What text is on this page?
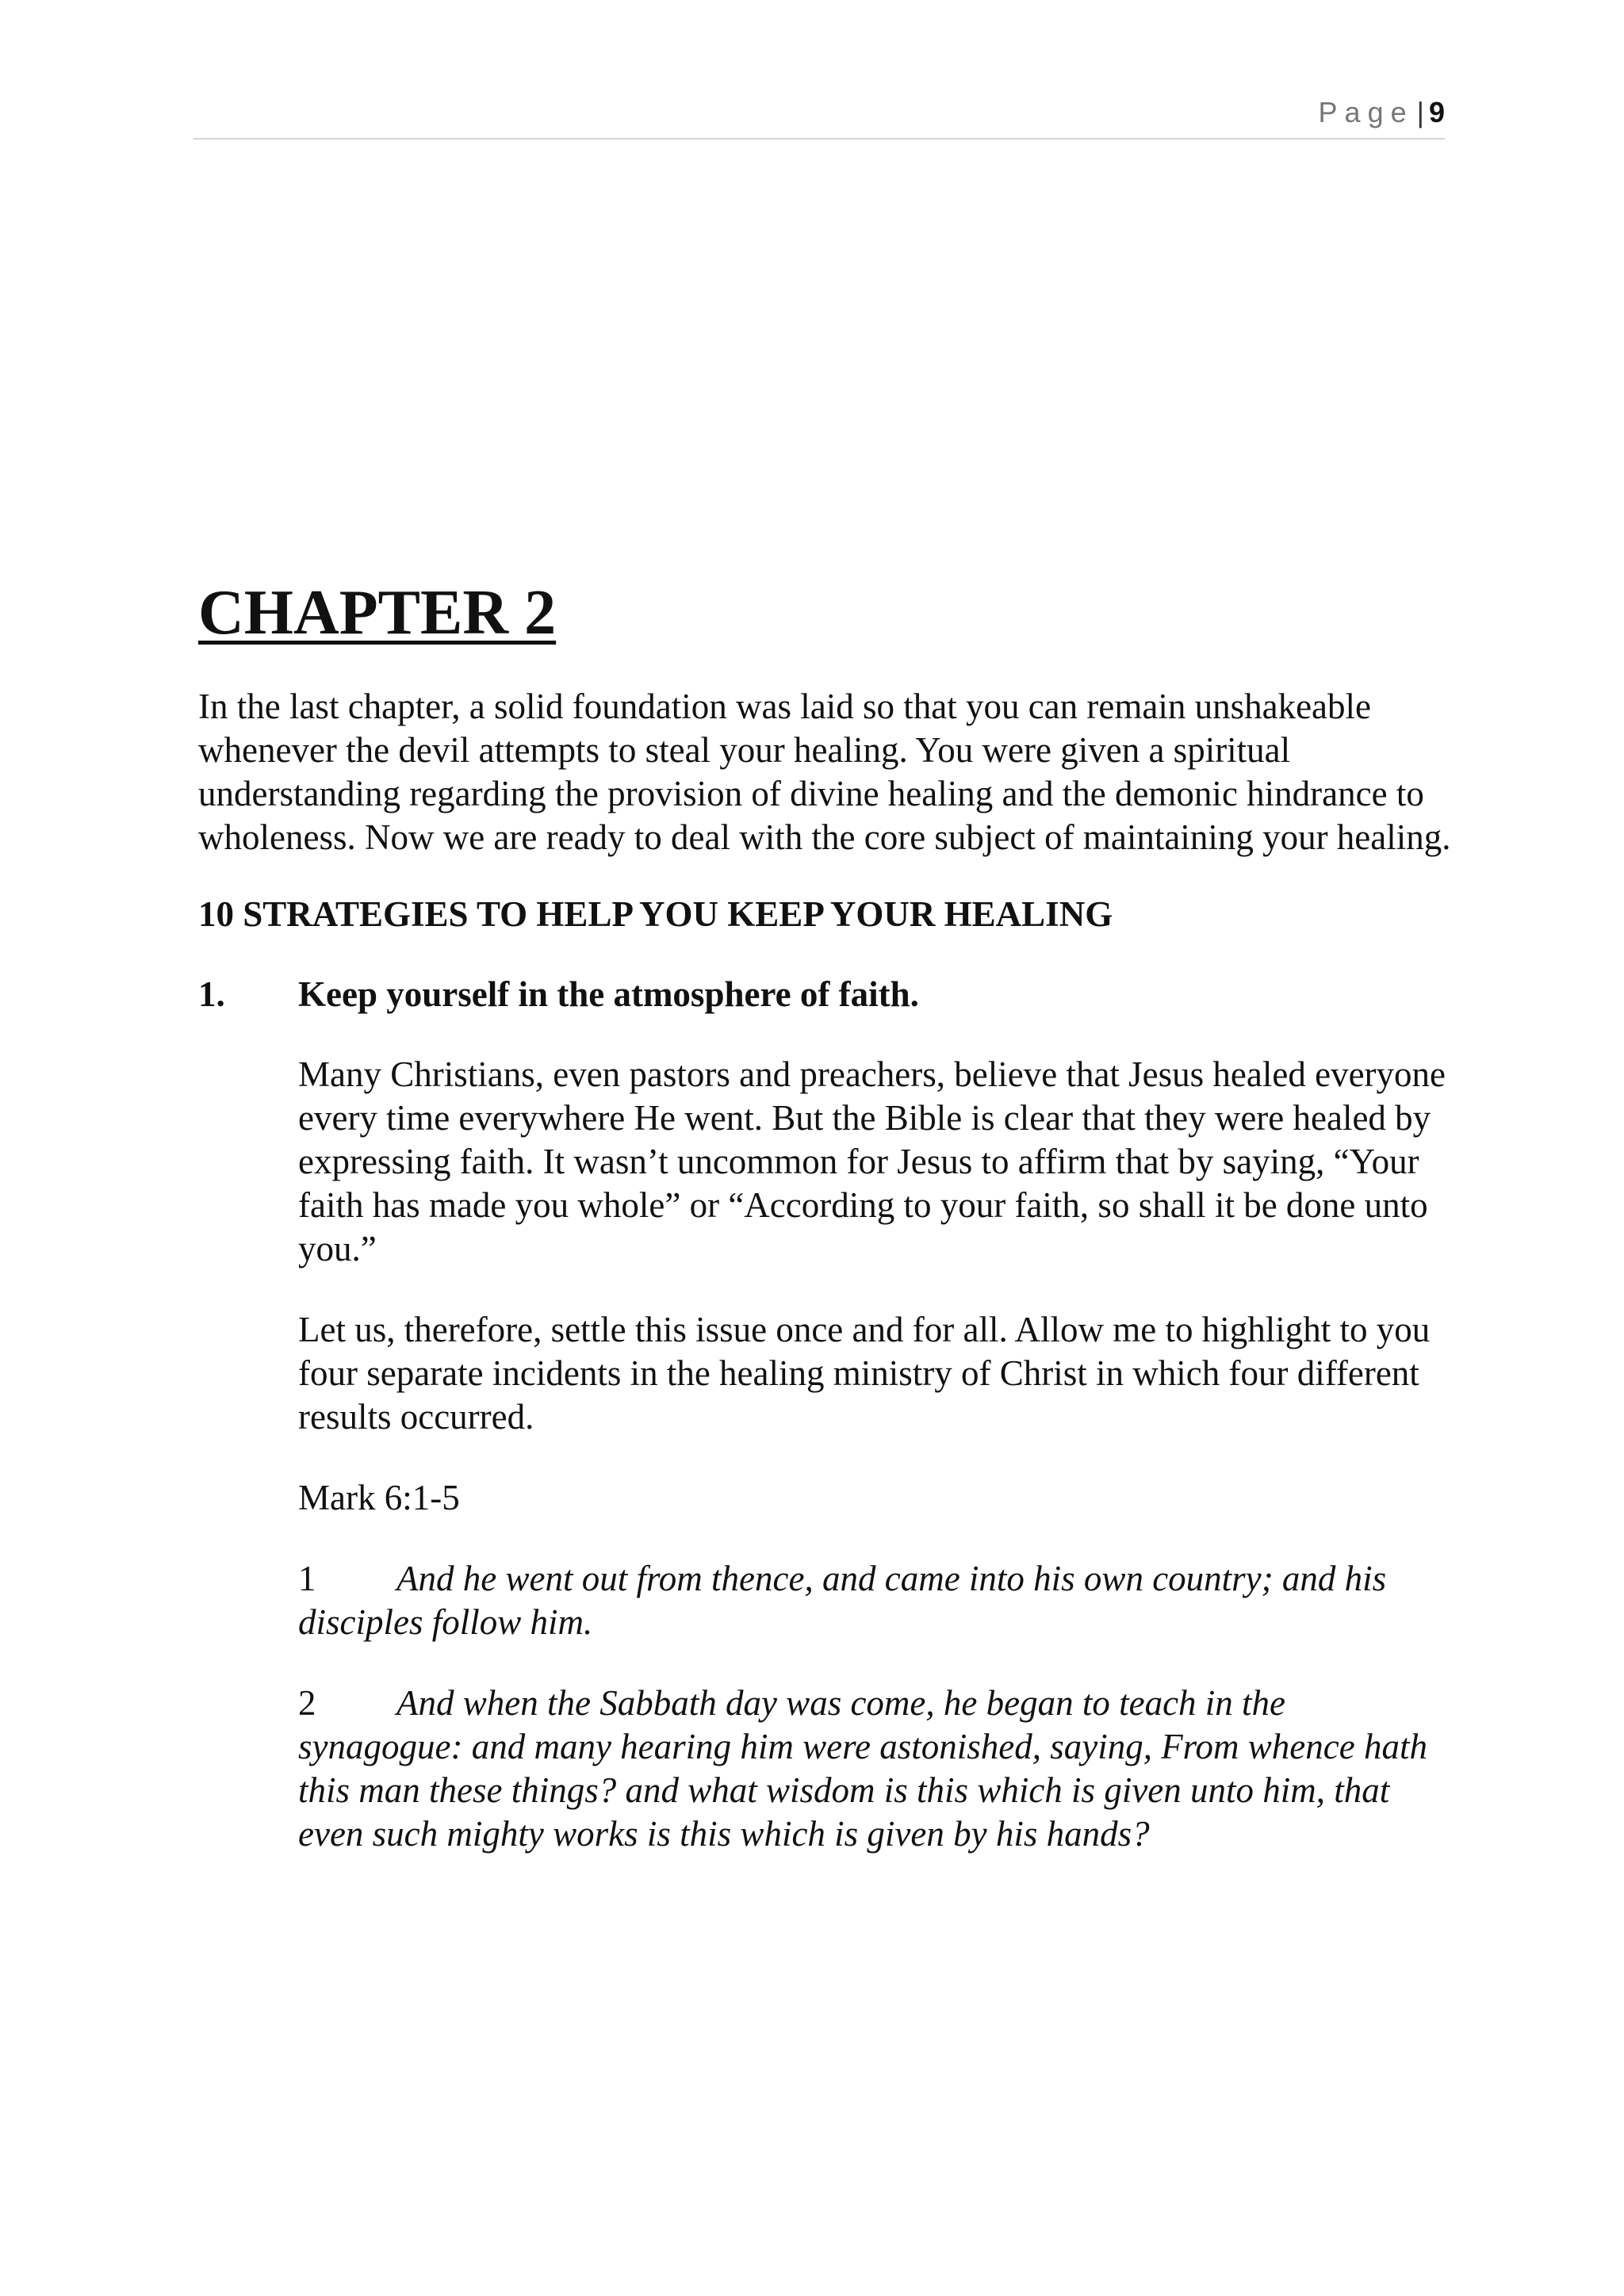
Page | 9
CHAPTER 2

In the last chapter, a solid foundation was laid so that you can remain unshakeable whenever the devil attempts to steal your healing. You were given a spiritual understanding regarding the provision of divine healing and the demonic hindrance to wholeness. Now we are ready to deal with the core subject of maintaining your healing.

10 STRATEGIES TO HELP YOU KEEP YOUR HEALING

1.	Keep yourself in the atmosphere of faith.

Many Christians, even pastors and preachers, believe that Jesus healed everyone every time everywhere He went. But the Bible is clear that they were healed by expressing faith. It wasn’t uncommon for Jesus to affirm that by saying, “Your faith has made you whole” or “According to your faith, so shall it be done unto you.”

Let us, therefore, settle this issue once and for all. Allow me to highlight to you four separate incidents in the healing ministry of Christ in which four different results occurred.

Mark 6:1-5

1 And he went out from thence, and came into his own country; and his disciples follow him.

2 And when the Sabbath day was come, he began to teach in the synagogue: and many hearing him were astonished, saying, From whence hath this man these things? and what wisdom is this which is given unto him, that even such mighty works is this which is given by his hands?
